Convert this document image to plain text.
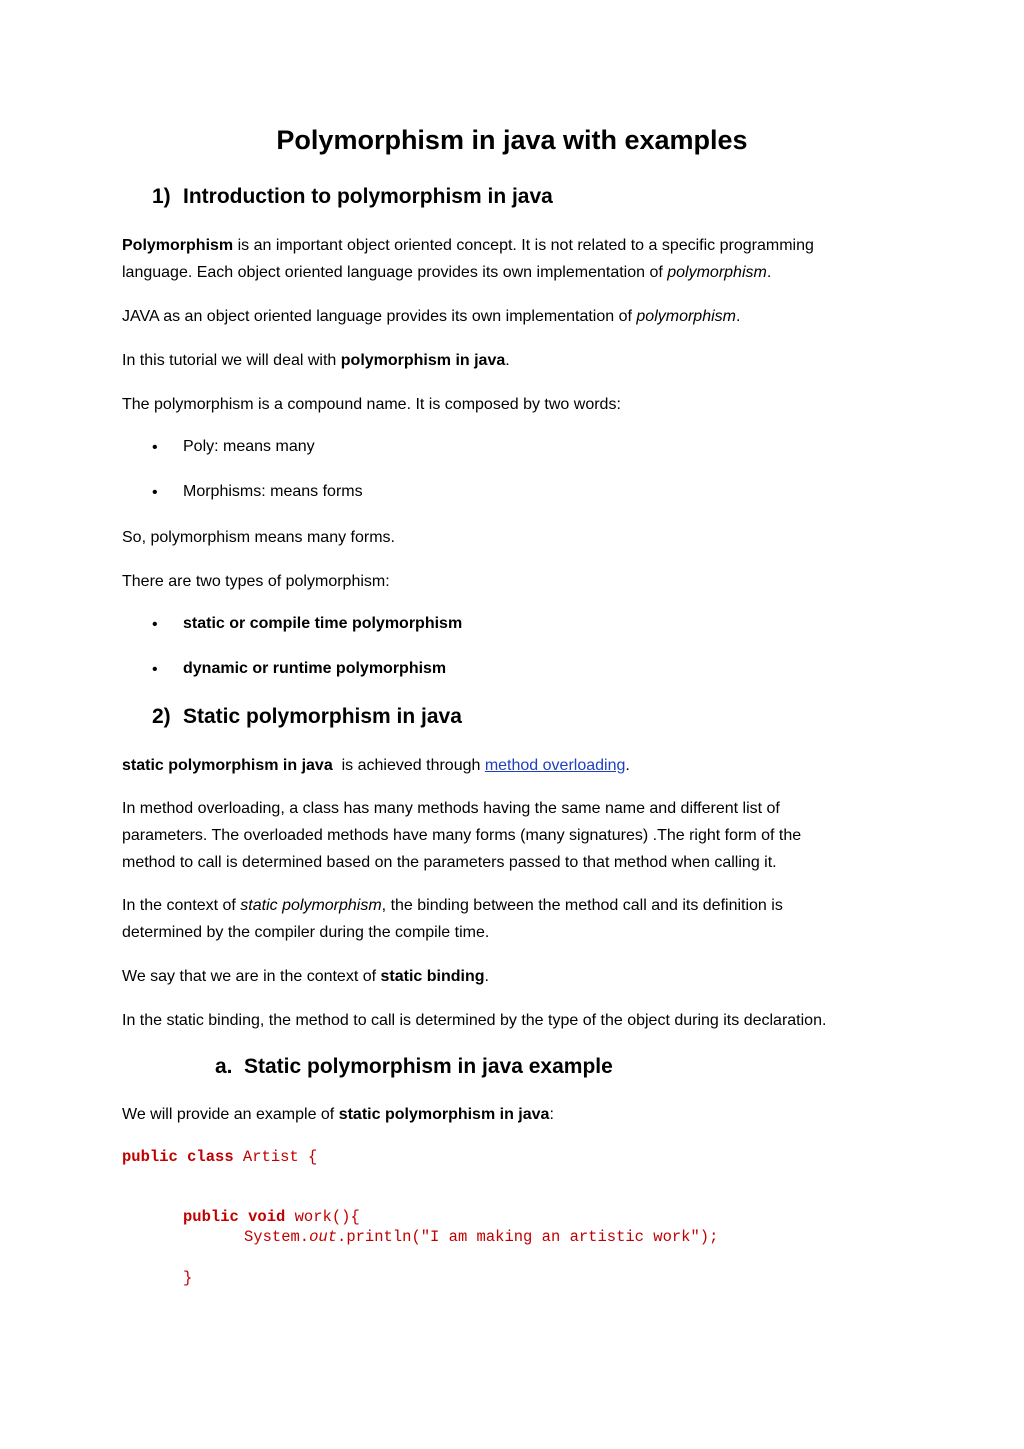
Polymorphism in java with examples
1) Introduction to polymorphism in java
Polymorphism is an important object oriented concept. It is not related to a specific programming
language. Each object oriented language provides its own implementation of polymorphism.
JAVA as an object oriented language provides its own implementation of polymorphism.
In this tutorial we will deal with polymorphism in java.
The polymorphism is a compound name. It is composed by two words:
• Poly: means many
• Morphisms: means forms
So, polymorphism means many forms.
There are two types of polymorphism:
• static or compile time polymorphism
• dynamic or runtime polymorphism
2) Static polymorphism in java
static polymorphism in java  is achieved through method overloading.
In method overloading, a class has many methods having the same name and different list of
parameters. The overloaded methods have many forms (many signatures) .The right form of the
method to call is determined based on the parameters passed to that method when calling it.
In the context of static polymorphism, the binding between the method call and its definition is
determined by the compiler during the compile time.
We say that we are in the context of static binding.
In the static binding, the method to call is determined by the type of the object during its declaration.
a. Static polymorphism in java example
We will provide an example of static polymorphism in java:
public class Artist {
public void work(){
System.out.println("I am making an artistic work");
}
